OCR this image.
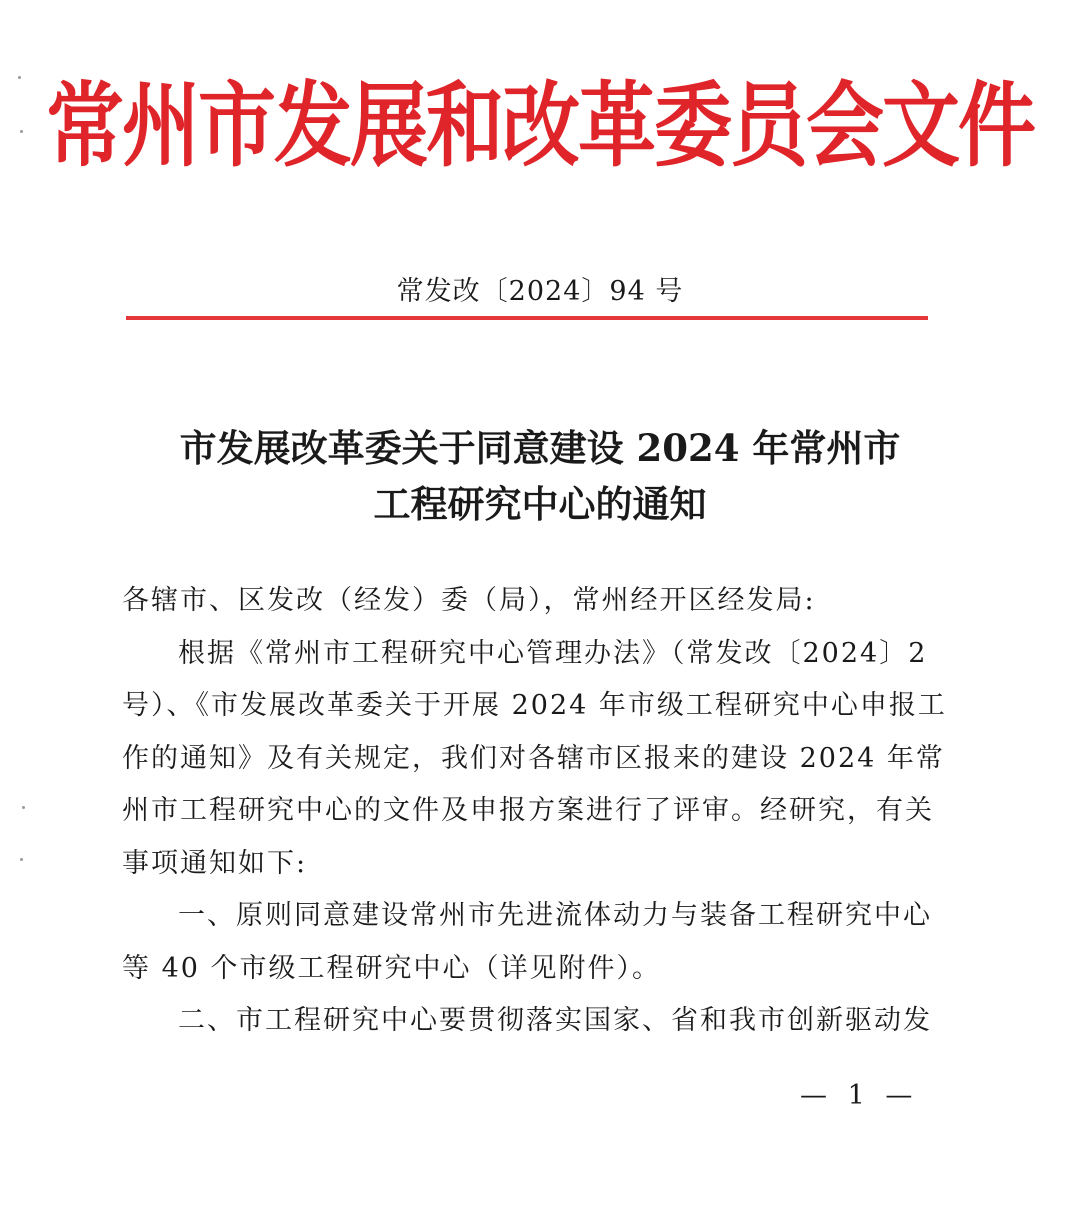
常州市发展和改革委员会文件
常发改〔2024〕94 号
市发展改革委关于同意建设 2024 年常州市
工程研究中心的通知
各辖市、区发改（经发）委（局），常州经开区经发局:
根据《常州市工程研究中心管理办法》（常发改〔2024〕2
号）、《市发展改革委关于开展 2024 年市级工程研究中心申报工
作的通知》及有关规定，我们对各辖市区报来的建设 2024 年常
州市工程研究中心的文件及申报方案进行了评审。经研究，有关
事项通知如下:
一、原则同意建设常州市先进流体动力与装备工程研究中心
等 40 个市级工程研究中心（详见附件）。
二、市工程研究中心要贯彻落实国家、省和我市创新驱动发
— 1 —
